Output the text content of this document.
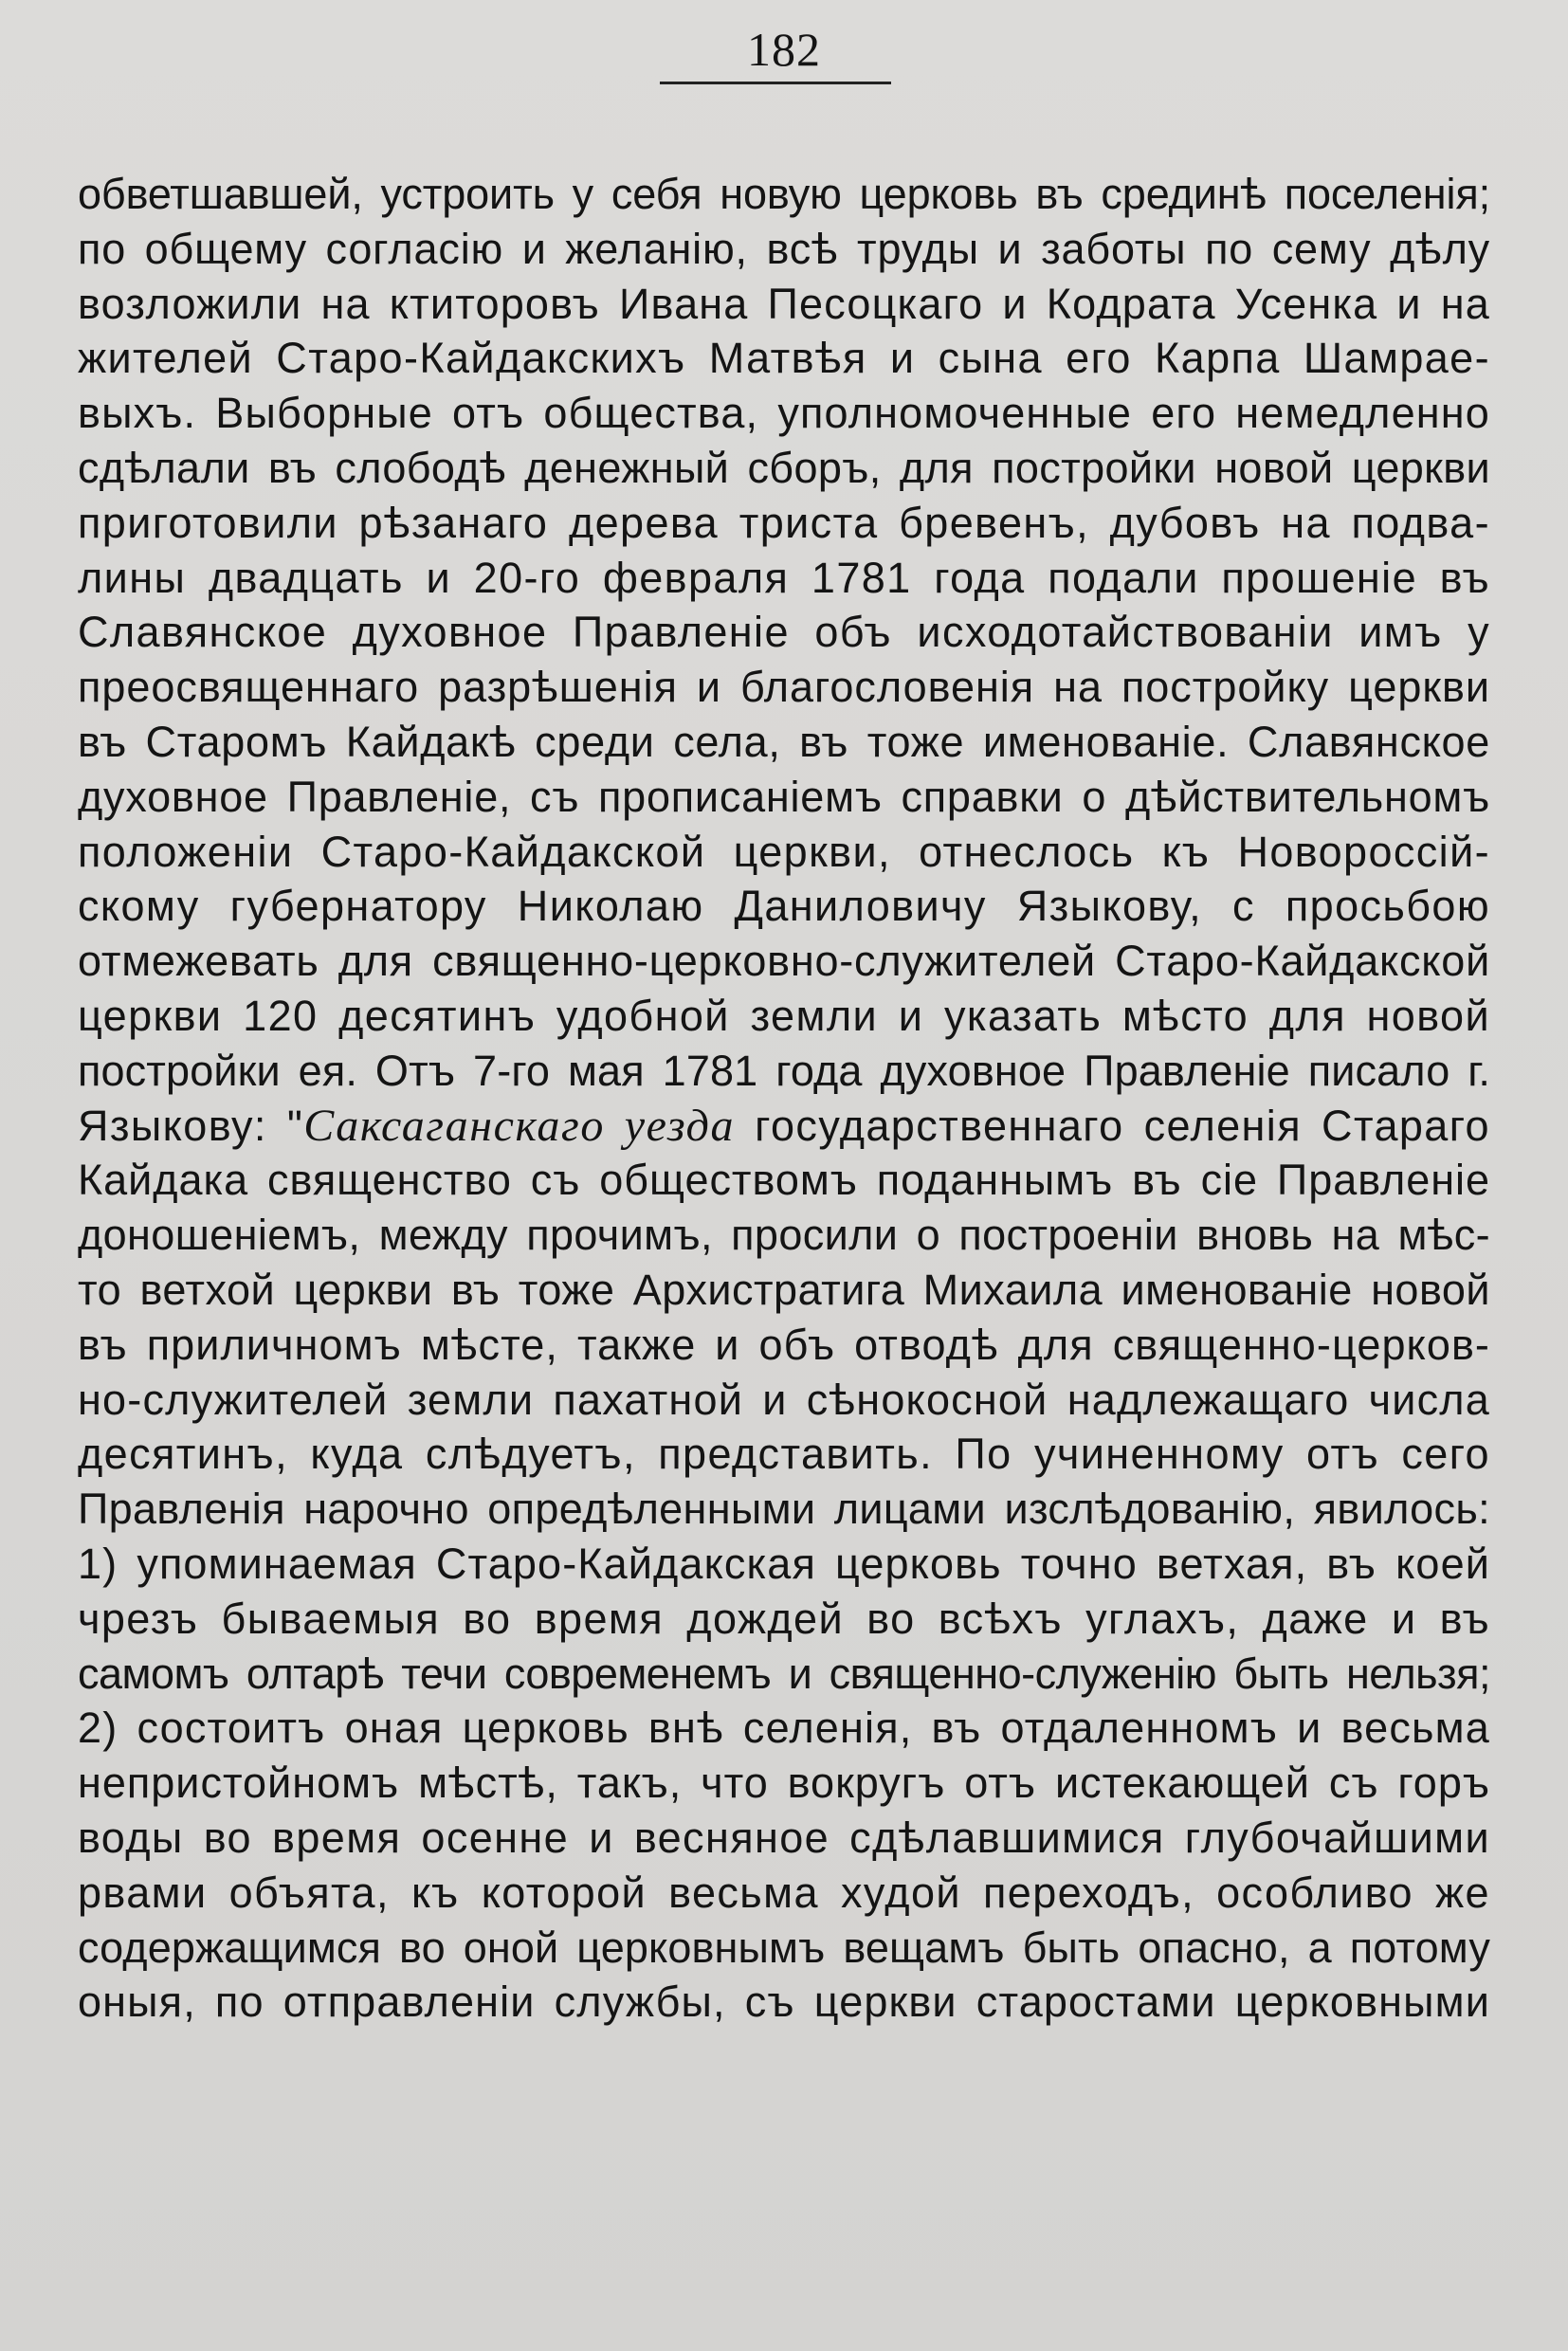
182
обветшавшей, устроить у себя новую церковь въ срединѣ поселенія;
по общему согласію и желанію, всѣ труды и заботы по сему дѣлу
возложили на ктиторовъ Ивана Песоцкаго и Кодрата Усенка и на
жителей Старо-Кайдакскихъ Матвѣя и сына его Карпа Шамрае-
выхъ. Выборные отъ общества, уполномоченные его немедленно
сдѣлали въ слободѣ денежный сборъ, для постройки новой церкви
приготовили рѣзанаго дерева триста бревенъ, дубовъ на подва-
лины двадцать и 20-го февраля 1781 года подали прошеніе въ
Славянское духовное Правленіе объ исходотайствованіи имъ у
преосвященнаго разрѣшенія и благословенія на постройку церкви
въ Старомъ Кайдакѣ среди села, въ тоже именованіе. Славянское
духовное Правленіе, съ прописаніемъ справки о дѣйствительномъ
положеніи Старо-Кайдакской церкви, отнеслось къ Новороссій-
скому губернатору Николаю Даниловичу Языкову, с просьбою
отмежевать для священно-церковно-служителей Старо-Кайдакской
церкви 120 десятинъ удобной земли и указать мѣсто для новой
постройки ея. Отъ 7-го мая 1781 года духовное Правленіе писало г.
Языкову: "Саксаганскаго уезда государственнаго селенія Стараго
Кайдака священство съ обществомъ поданнымъ въ сіе Правленіе
доношеніемъ, между прочимъ, просили о построеніи вновь на мѣс-
то ветхой церкви въ тоже Архистратига Михаила именованіе новой
въ приличномъ мѣсте, также и объ отводѣ для священно-церков-
но-служителей земли пахатной и сѣнокосной надлежащаго числа
десятинъ, куда слѣдуетъ, представить. По учиненному отъ сего
Правленія нарочно опредѣленными лицами изслѣдованію, явилось:
1) упоминаемая Старо-Кайдакская церковь точно ветхая, въ коей
чрезъ бываемыя во время дождей во всѣхъ углахъ, даже и въ
самомъ олтарѣ течи современемъ и священно-служенію быть нельзя;
2) состоитъ оная церковь внѣ селенія, въ отдаленномъ и весьма
непристойномъ мѣстѣ, такъ, что вокругъ отъ истекающей съ горъ
воды во время осенне и весняное сдѣлавшимися глубочайшими
рвами объята, къ которой весьма худой переходъ, особливо же
содержащимся во оной церковнымъ вещамъ быть опасно, а потому
оныя, по отправленіи службы, съ церкви старостами церковными
